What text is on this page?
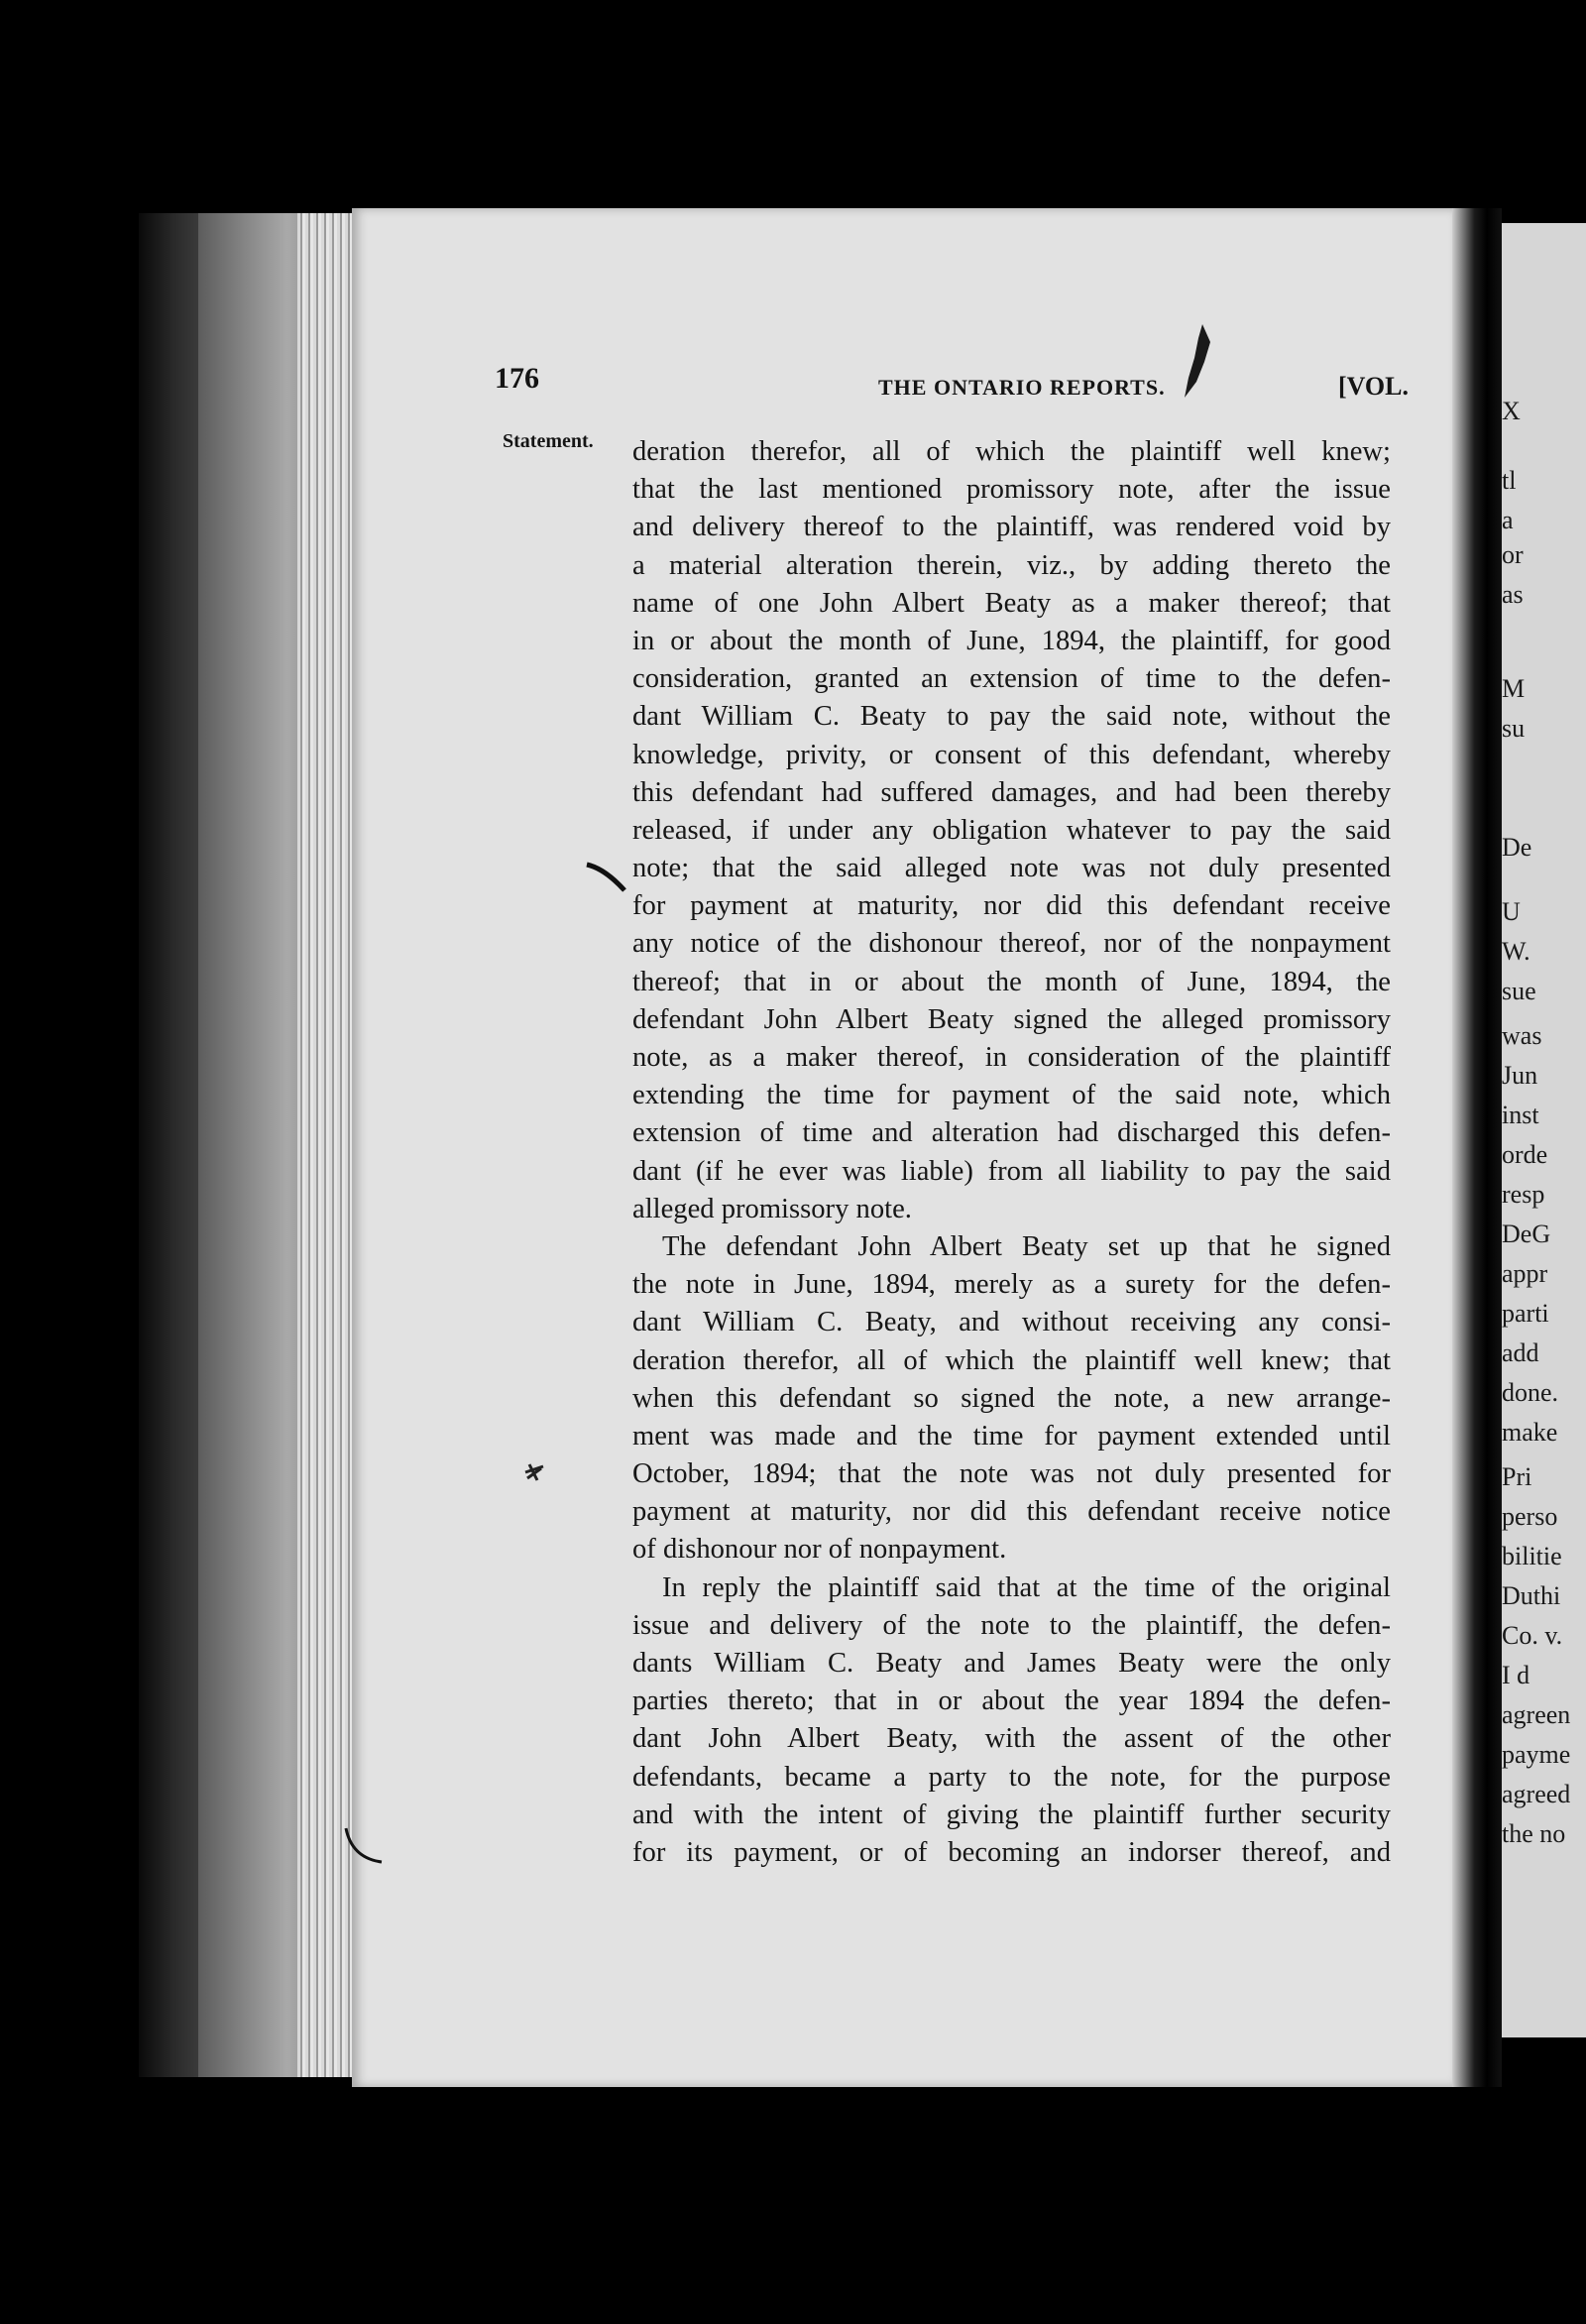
X
tl
a
or
as
M
su
De
U
W.
sue
was
Jun
inst
orde
resp
DeG
appr
parti
add
done.
make
Pri
perso
bilitie
Duthi
Co. v.
I d
agreen
payme
agreed
the no
176	THE ONTARIO REPORTS.	[VOL.
Statement. deration therefor, all of which the plaintiff well knew;
that the last mentioned promissory note, after the issue
and delivery thereof to the plaintiff, was rendered void by
a material alteration therein, viz., by adding thereto the
name of one John Albert Beaty as a maker thereof; that
in or about the month of June, 1894, the plaintiff, for good
consideration, granted an extension of time to the defen-
dant William C. Beaty to pay the said note, without the
knowledge, privity, or consent of this defendant, whereby
this defendant had suffered damages, and had been thereby
released, if under any obligation whatever to pay the said
note; that the said alleged note was not duly presented
for payment at maturity, nor did this defendant receive
any notice of the dishonour thereof, nor of the nonpayment
thereof; that in or about the month of June, 1894, the
defendant John Albert Beaty signed the alleged promissory
note, as a maker thereof, in consideration of the plaintiff
extending the time for payment of the said note, which
extension of time and alteration had discharged this defen-
dant (if he ever was liable) from all liability to pay the said
alleged promissory note.
The defendant John Albert Beaty set up that he signed
the note in June, 1894, merely as a surety for the defen-
dant William C. Beaty, and without receiving any consi-
deration therefor, all of which the plaintiff well knew; that
when this defendant so signed the note, a new arrange-
ment was made and the time for payment extended until
October, 1894; that the note was not duly presented for
payment at maturity, nor did this defendant receive notice
of dishonour nor of nonpayment.
In reply the plaintiff said that at the time of the original
issue and delivery of the note to the plaintiff, the defen-
dants William C. Beaty and James Beaty were the only
parties thereto; that in or about the year 1894 the defen-
dant John Albert Beaty, with the assent of the other
defendants, became a party to the note, for the purpose
and with the intent of giving the plaintiff further security
for its payment, or of becoming an indorser thereof, and
